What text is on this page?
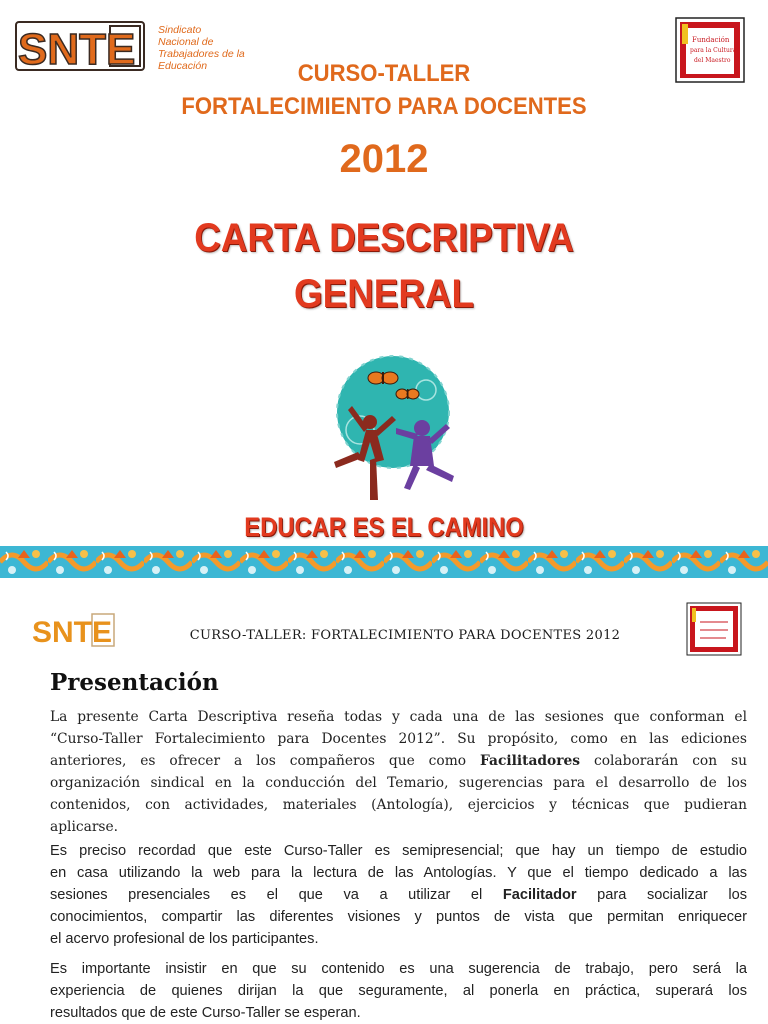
SNTE Sindicato
Nacional de
Trabajadores de la
Educación
Fundación
para la Cultura
del Maestro
CURSO-TALLER
FORTALECIMIENTO PARA DOCENTES
2012
CARTA DESCRIPTIVA
GENERAL
EDUCAR ES EL CAMINO
SNTE	CURSO-TALLER: FORTALECIMIENTO PARA DOCENTES 2012
Presentación
La presente Carta Descriptiva reseña todas y cada una de las sesiones que conforman el
“Curso-Taller Fortalecimiento para Docentes 2012”. Su propósito, como en las ediciones
anteriores, es ofrecer a los compañeros que como Facilitadores colaborarán con su
organización sindical en la conducción del Temario, sugerencias para el desarrollo de los
contenidos, con actividades, materiales (Antología), ejercicios y técnicas que pudieran
aplicarse.
Es preciso recordad que este Curso-Taller es semipresencial; que hay un tiempo de estudio
en casa utilizando la web para la lectura de las Antologías. Y que el tiempo dedicado a las
sesiones presenciales es el que va a utilizar el Facilitador para socializar los
conocimientos, compartir las diferentes visiones y puntos de vista que permitan enriquecer
el acervo profesional de los participantes.
Es importante insistir en que su contenido es una sugerencia de trabajo, pero será la
experiencia de quienes dirijan la que seguramente, al ponerla en práctica, superará los
resultados que de este Curso-Taller se esperan.
